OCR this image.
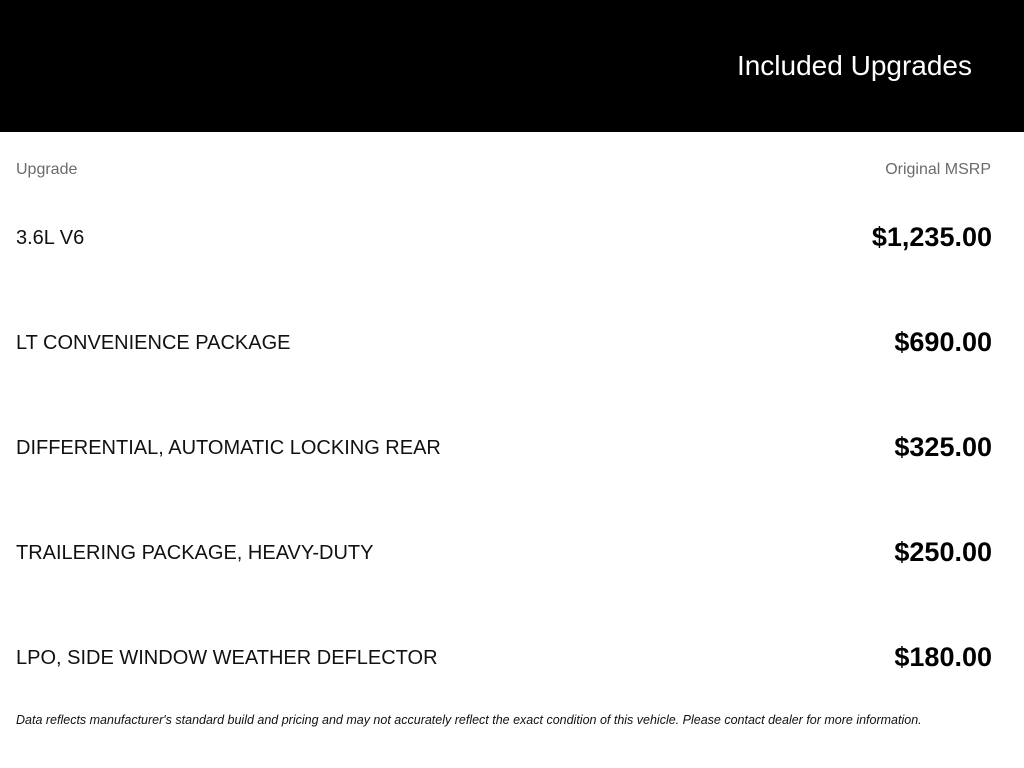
Included Upgrades
Upgrade	Original MSRP
3.6L V6	$1,235.00
LT CONVENIENCE PACKAGE	$690.00
DIFFERENTIAL, AUTOMATIC LOCKING REAR	$325.00
TRAILERING PACKAGE, HEAVY-DUTY	$250.00
LPO, SIDE WINDOW WEATHER DEFLECTOR	$180.00
Data reflects manufacturer's standard build and pricing and may not accurately reflect the exact condition of this vehicle. Please contact dealer for more information.
